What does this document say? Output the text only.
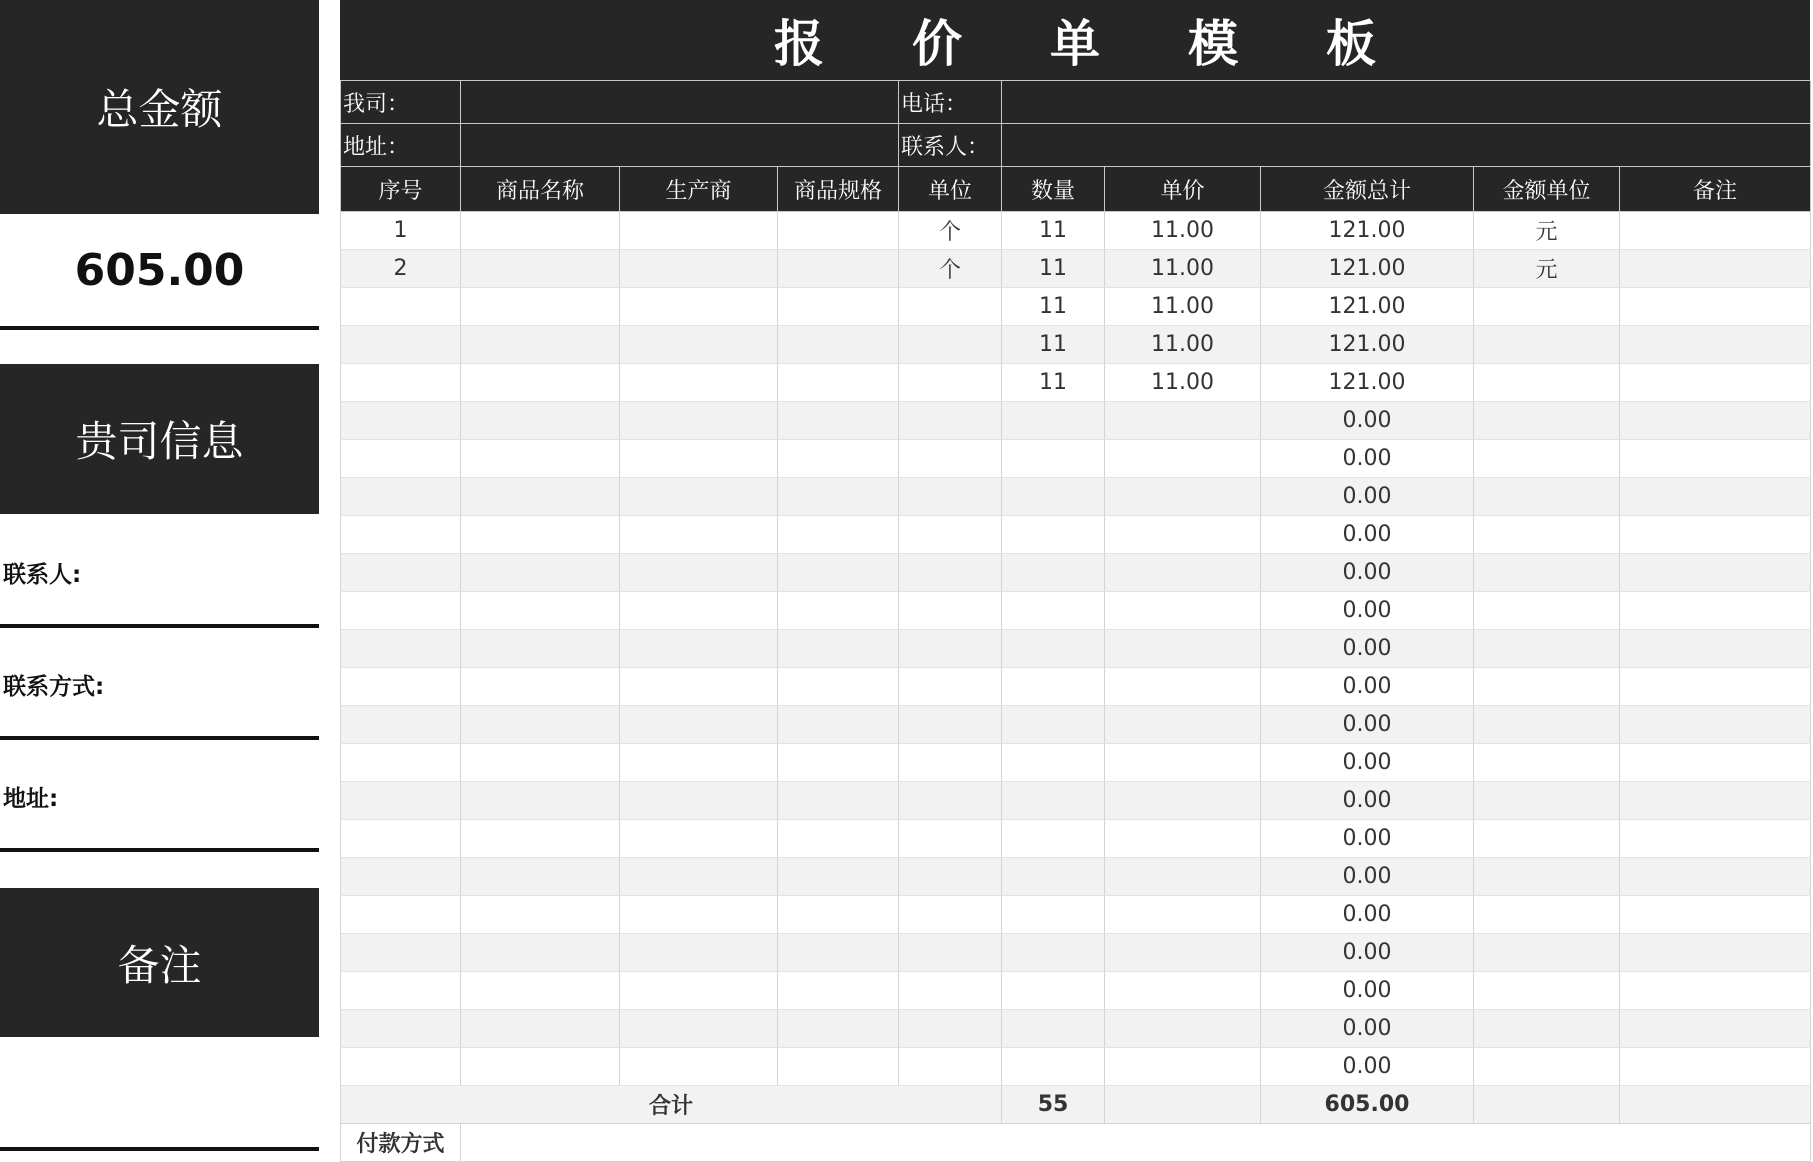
总金额
605.00
贵司信息
联系人:
联系方式:
地址:
备注
报价单模板
我司：				电话：					
地址：				联系人：					
序号	商品名称	生产商	商品规格	单位	数量	单价	金额总计	金额单位	备注
1				个	11	11.00	121.00	元	
2				个	11	11.00	121.00	元	
					11	11.00	121.00		
					11	11.00	121.00		
					11	11.00	121.00		
							0.00		
							0.00		
							0.00		
							0.00		
							0.00		
							0.00		
							0.00		
							0.00		
							0.00		
							0.00		
							0.00		
							0.00		
							0.00		
							0.00		
							0.00		
							0.00		
							0.00		
							0.00		
合计					55		605.00		
付款方式									
